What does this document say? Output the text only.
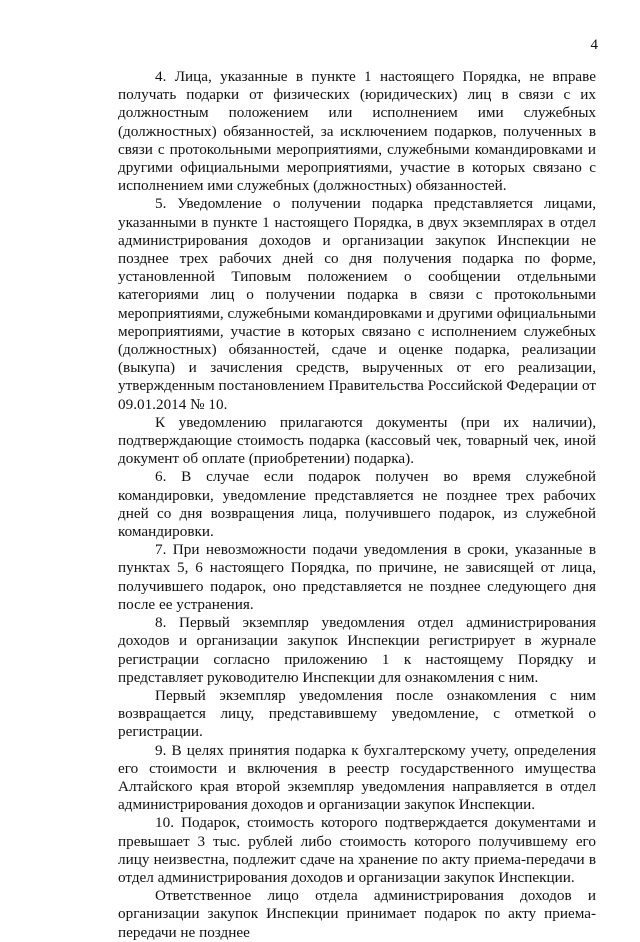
4

4. Лица, указанные в пункте 1 настоящего Порядка, не вправе получать подарки от физических (юридических) лиц в связи с их должностным положением или исполнением ими служебных (должностных) обязанностей, за исключением подарков, полученных в связи с протокольными мероприятиями, служебными командировками и другими официальными мероприятиями, участие в которых связано с исполнением ими служебных (должностных) обязанностей.

5. Уведомление о получении подарка представляется лицами, указанными в пункте 1 настоящего Порядка, в двух экземплярах в отдел администрирования доходов и организации закупок Инспекции не позднее трех рабочих дней со дня получения подарка по форме, установленной Типовым положением о сообщении отдельными категориями лиц о получении подарка в связи с протокольными мероприятиями, служебными командировками и другими официальными мероприятиями, участие в которых связано с исполнением служебных (должностных) обязанностей, сдаче и оценке подарка, реализации (выкупа) и зачисления средств, вырученных от его реализации, утвержденным постановлением Правительства Российской Федерации от 09.01.2014 № 10.

К уведомлению прилагаются документы (при их наличии), подтверждающие стоимость подарка (кассовый чек, товарный чек, иной документ об оплате (приобретении) подарка).

6. В случае если подарок получен во время служебной командировки, уведомление представляется не позднее трех рабочих дней со дня возвращения лица, получившего подарок, из служебной командировки.

7. При невозможности подачи уведомления в сроки, указанные в пунктах 5, 6 настоящего Порядка, по причине, не зависящей от лица, получившего подарок, оно представляется не позднее следующего дня после ее устранения.

8. Первый экземпляр уведомления отдел администрирования доходов и организации закупок Инспекции регистрирует в журнале регистрации согласно приложению 1 к настоящему Порядку и представляет руководителю Инспекции для ознакомления с ним.

Первый экземпляр уведомления после ознакомления с ним возвращается лицу, представившему уведомление, с отметкой о регистрации.

9. В целях принятия подарка к бухгалтерскому учету, определения его стоимости и включения в реестр государственного имущества Алтайского края второй экземпляр уведомления направляется в отдел администрирования доходов и организации закупок Инспекции.

10. Подарок, стоимость которого подтверждается документами и превышает 3 тыс. рублей либо стоимость которого получившему его лицу неизвестна, подлежит сдаче на хранение по акту приема-передачи в отдел администрирования доходов и организации закупок Инспекции.

Ответственное лицо отдела администрирования доходов и организации закупок Инспекции принимает подарок по акту приема-передачи не позднее
